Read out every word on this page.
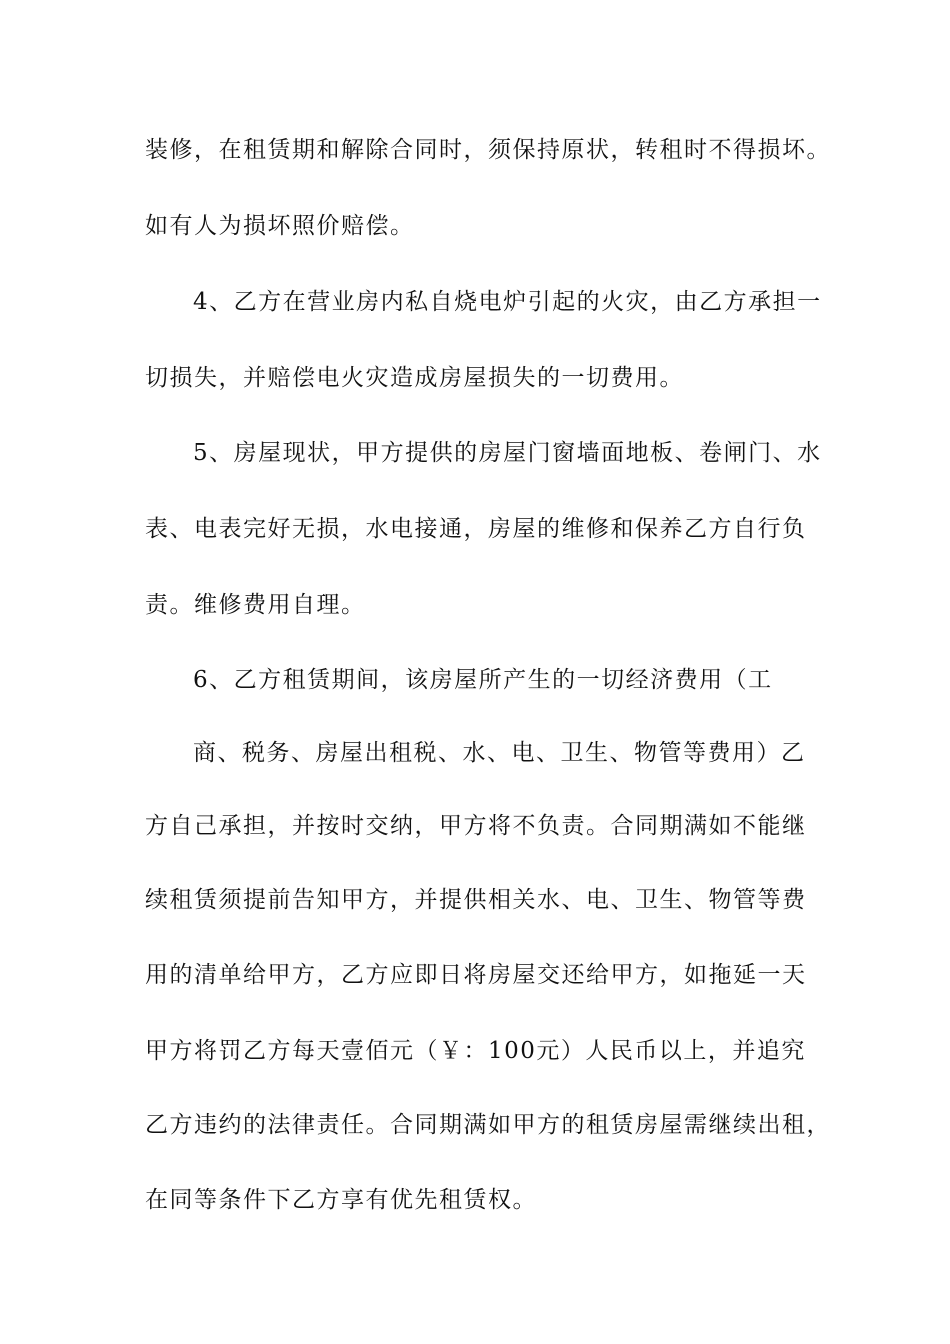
装修，在租赁期和解除合同时，须保持原状，转租时不得损坏。
如有人为损坏照价赔偿。
4、乙方在营业房内私自烧电炉引起的火灾，由乙方承担一
切损失，并赔偿电火灾造成房屋损失的一切费用。
5、房屋现状，甲方提供的房屋门窗墙面地板、卷闸门、水
表、电表完好无损，水电接通，房屋的维修和保养乙方自行负
责。维修费用自理。
6、乙方租赁期间，该房屋所产生的一切经济费用（工
商、税务、房屋出租税、水、电、卫生、物管等费用）乙
方自己承担，并按时交纳，甲方将不负责。合同期满如不能继
续租赁须提前告知甲方，并提供相关水、电、卫生、物管等费
用的清单给甲方，乙方应即日将房屋交还给甲方，如拖延一天
甲方将罚乙方每天壹佰元（￥：100元）人民币以上，并追究
乙方违约的法律责任。合同期满如甲方的租赁房屋需继续出租，
在同等条件下乙方享有优先租赁权。
